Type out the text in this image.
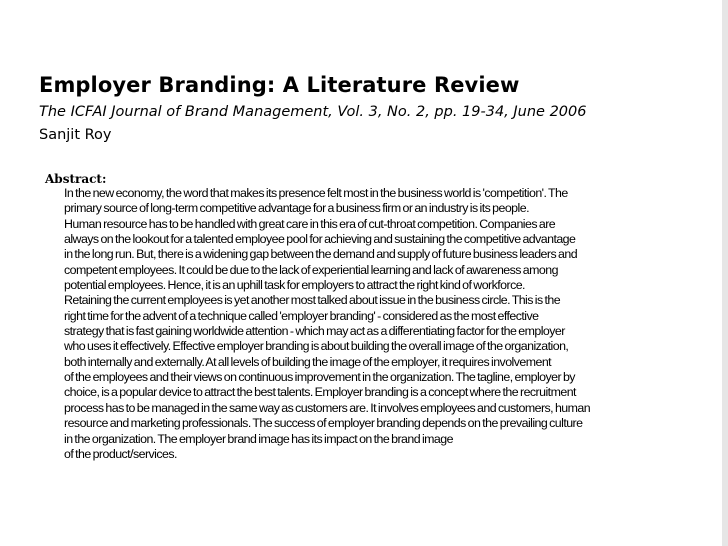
Employer Branding: A Literature Review
The ICFAI Journal of Brand Management, Vol. 3, No. 2, pp. 19-34, June 2006
Sanjit Roy
Abstract:
In the new economy, the word that makes its presence felt most in the business world is 'competition'. The
primary source of long-term competitive advantage for a business firm or an industry is its people.
Human resource has to be handled with great care in this era of cut-throat competition. Companies are
always on the lookout for a talented employee pool for achieving and sustaining the competitive advantage
in the long run. But, there is a widening gap between the demand and supply of future business leaders and
competent employees. It could be due to the lack of experiential learning and lack of awareness among
potential employees. Hence, it is an uphill task for employers to attract the right kind of workforce.
Retaining the current employees is yet another most talked about issue in the business circle. This is the
right time for the advent of a technique called 'employer branding' - considered as the most effective
strategy that is fast gaining worldwide attention - which may act as a differentiating factor for the employer
who uses it effectively. Effective employer branding is about building the overall image of the organization,
both internally and externally. At all levels of building the image of the employer, it requires involvement
of the employees and their views on continuous improvement in the organization. The tagline, employer by
choice, is a popular device to attract the best talents. Employer branding is a concept where the recruitment
process has to be managed in the same way as customers are. It involves employees and customers, human
resource and marketing professionals. The success of employer branding depends on the prevailing culture
in the organization. The employer brand image has its impact on the brand image
of the product/services.
